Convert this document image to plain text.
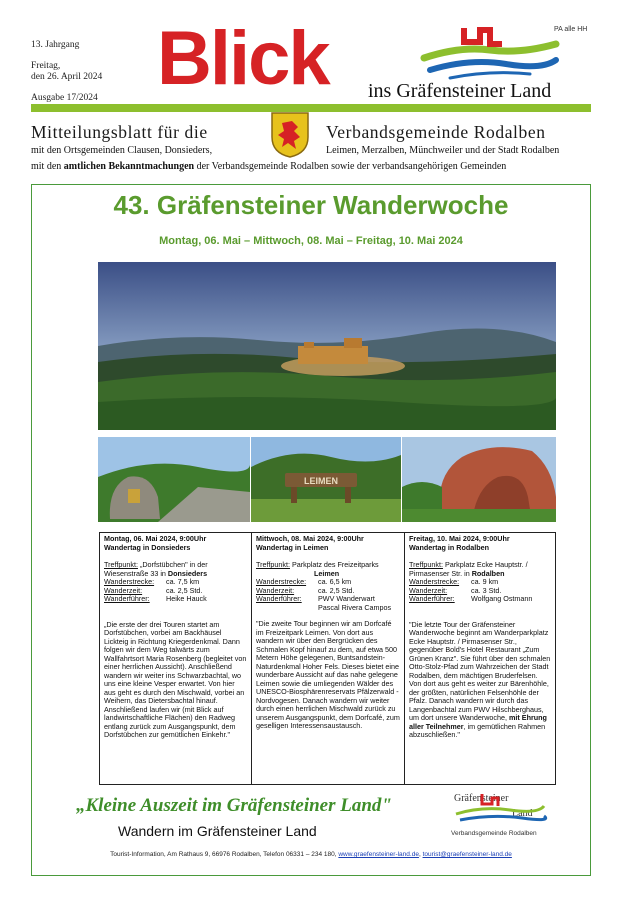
13. Jahrgang
Freitag,
den 26. April 2024
Ausgabe 17/2024 Blick ins Gräfensteiner Land
PA alle HH
Mitteilungsblatt für die	Verbandsgemeinde Rodalben
mit den Ortsgemeinden Clausen, Donsieders,	Leimen, Merzalben, Münchweiler und der Stadt Rodalben
mit den amtlichen Bekanntmachungen der Verbandsgemeinde Rodalben sowie der verbandsangehörigen Gemeinden
43. Gräfensteiner Wanderwoche
Montag, 06. Mai – Mittwoch, 08. Mai – Freitag, 10. Mai 2024
LEIMEN
Montag, 06. Mai 2024, 9:00Uhr
Wandertag in Donsieders

Treffpunkt: „Dorfstübchen" in der Wiesenstraße 33 in Donsieders

Wanderstrecke:	ca. 7,5 km
Wanderzeit:	ca. 2,5 Std.
Wanderführer:	Heike Hauck

„Die erste der drei Touren startet am Dorfstübchen, vorbei am Backhäusel Lickteig in Richtung Kriegerdenkmal. Dann folgen wir dem Weg talwärts zum Wallfahrtsort Maria Rosenberg (begleitet von einer herrlichen Aussicht). Anschließend wandern wir weiter ins Schwarzbachtal, wo uns eine kleine Vesper erwartet. Von hier aus geht es durch den Mischwald, vorbei an Weihern, das Dietersbachtal hinauf. Anschließend laufen wir (mit Blick auf landwirtschaftliche Flächen) den Radweg entlang zurück zum Ausgangspunkt, dem Dorfstübchen zur gemütlichen Einkehr."

Mittwoch, 08. Mai 2024, 9:00Uhr
Wandertag in Leimen

Treffpunkt: Parkplatz des Freizeitparks
Leimen

Wanderstrecke:	ca. 6,5 km
Wanderzeit:	ca. 2,5 Std.
Wanderführer:	PWV Wanderwart
Pascal Rivera Campos

"Die zweite Tour beginnen wir am Dorfcafé im Freizeitpark Leimen. Von dort aus wandern wir über den Bergrücken des Schmalen Kopf hinauf zu dem, auf etwa 500 Metern Höhe gelegenen, Buntsandstein-Naturdenkmal Hoher Fels. Dieses bietet eine wunderbare Aussicht auf das nahe gelegene Leimen sowie die umliegenden Wälder des UNESCO-Biosphärenreservats Pfälzerwald - Nordvogesen. Danach wandern wir weiter durch einen herrlichen Mischwald zurück zu unserem Ausgangspunkt, dem Dorfcafé, zum geselligen Interessensaustausch.

Freitag, 10. Mai 2024, 9:00Uhr
Wandertag in Rodalben

Treffpunkt: Parkplatz Ecke Hauptstr. / Pirmasenser Str. in Rodalben

Wanderstrecke:	ca. 9 km
Wanderzeit:	ca. 3 Std.
Wanderführer:	Wolfgang Ostmann

"Die letzte Tour der Gräfensteiner Wanderwoche beginnt am Wanderparkplatz Ecke Hauptstr. / Pirmasenser Str., gegenüber Bold's Hotel Restaurant „Zum Grünen Kranz". Sie führt über den schmalen Otto-Stolz-Pfad zum Wahrzeichen der Stadt Rodalben, dem mächtigen Bruderfelsen. Von dort aus geht es weiter zur Bärenhöhle, der größten, natürlichen Felsenhöhle der Pfalz. Danach wandern wir durch das Langenbachtal zum PWV Hilschberghaus, um dort unsere Wanderwoche, mit Ehrung aller Teilnehmer, im gemütlichen Rahmen abzuschließen."

„Kleine Auszeit im Gräfensteiner Land"
Wandern im Gräfensteiner Land
Gräfensteiner
Land
Verbandsgemeinde Rodalben
Tourist-Information, Am Rathaus 9, 66976 Rodalben, Telefon 06331 – 234 180, www.graefensteiner-land.de, tourist@graefensteiner-land.de
